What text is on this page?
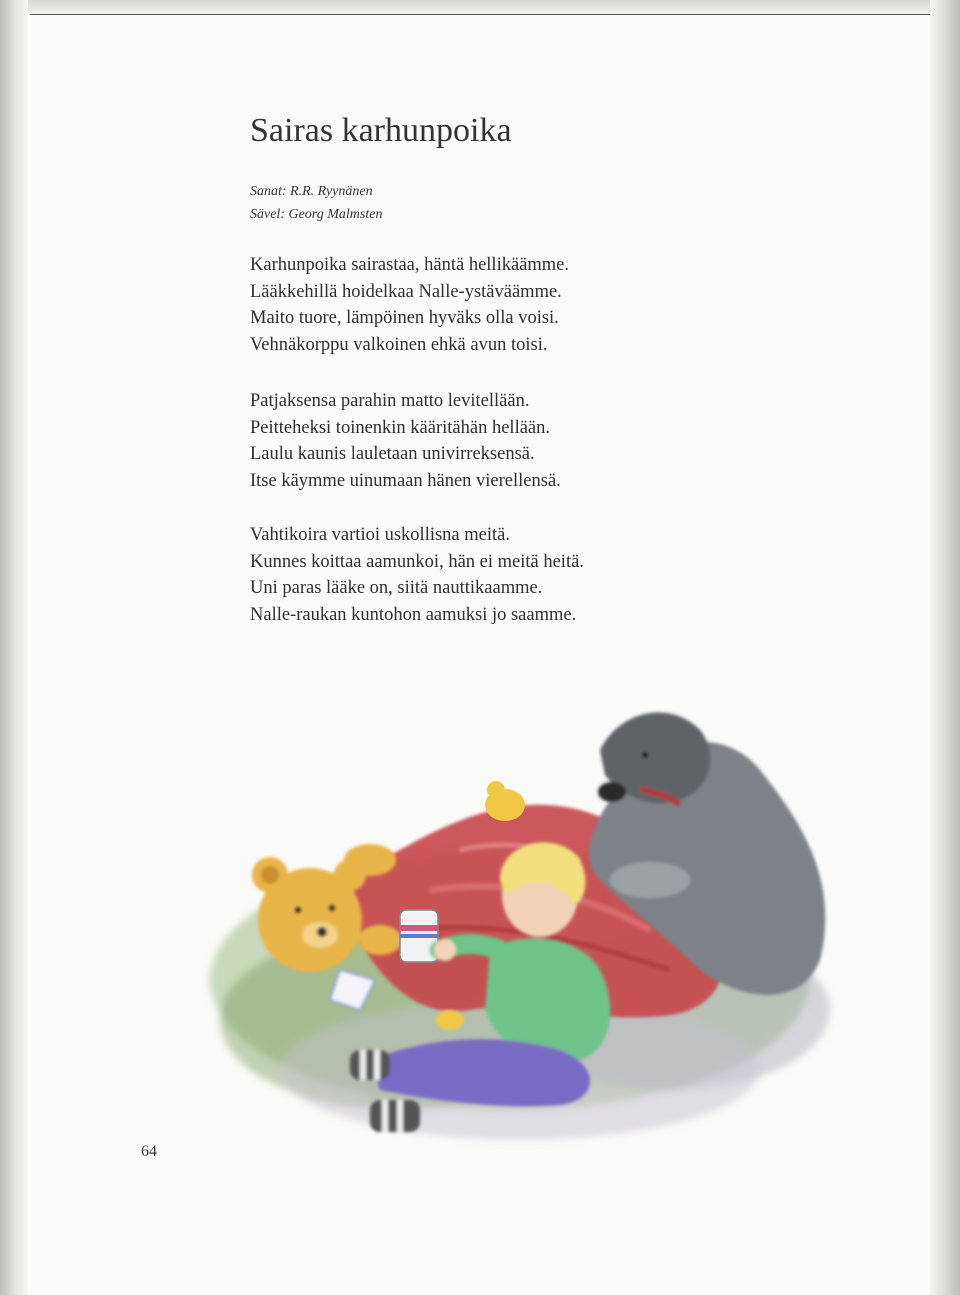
Sairas karhunpoika
Sanat: R.R. Ryynänen
Sävel: Georg Malmsten
Karhunpoika sairastaa, häntä hellikäämme.
Lääkkehillä hoidelkaa Nalle-ystäväämme.
Maito tuore, lämpöinen hyväks olla voisi.
Vehnäkorppu valkoinen ehkä avun toisi.
Patjaksensa parahin matto levitellään.
Peitteheksi toinenkin kääritähän hellään.
Laulu kaunis lauletaan univirreksensä.
Itse käymme uinumaan hänen vierellensä.
Vahtikoira vartioi uskollisna meitä.
Kunnes koittaa aamunkoi, hän ei meitä heitä.
Uni paras lääke on, siitä nauttikaamme.
Nalle-raukan kuntohon aamuksi jo saamme.
64
